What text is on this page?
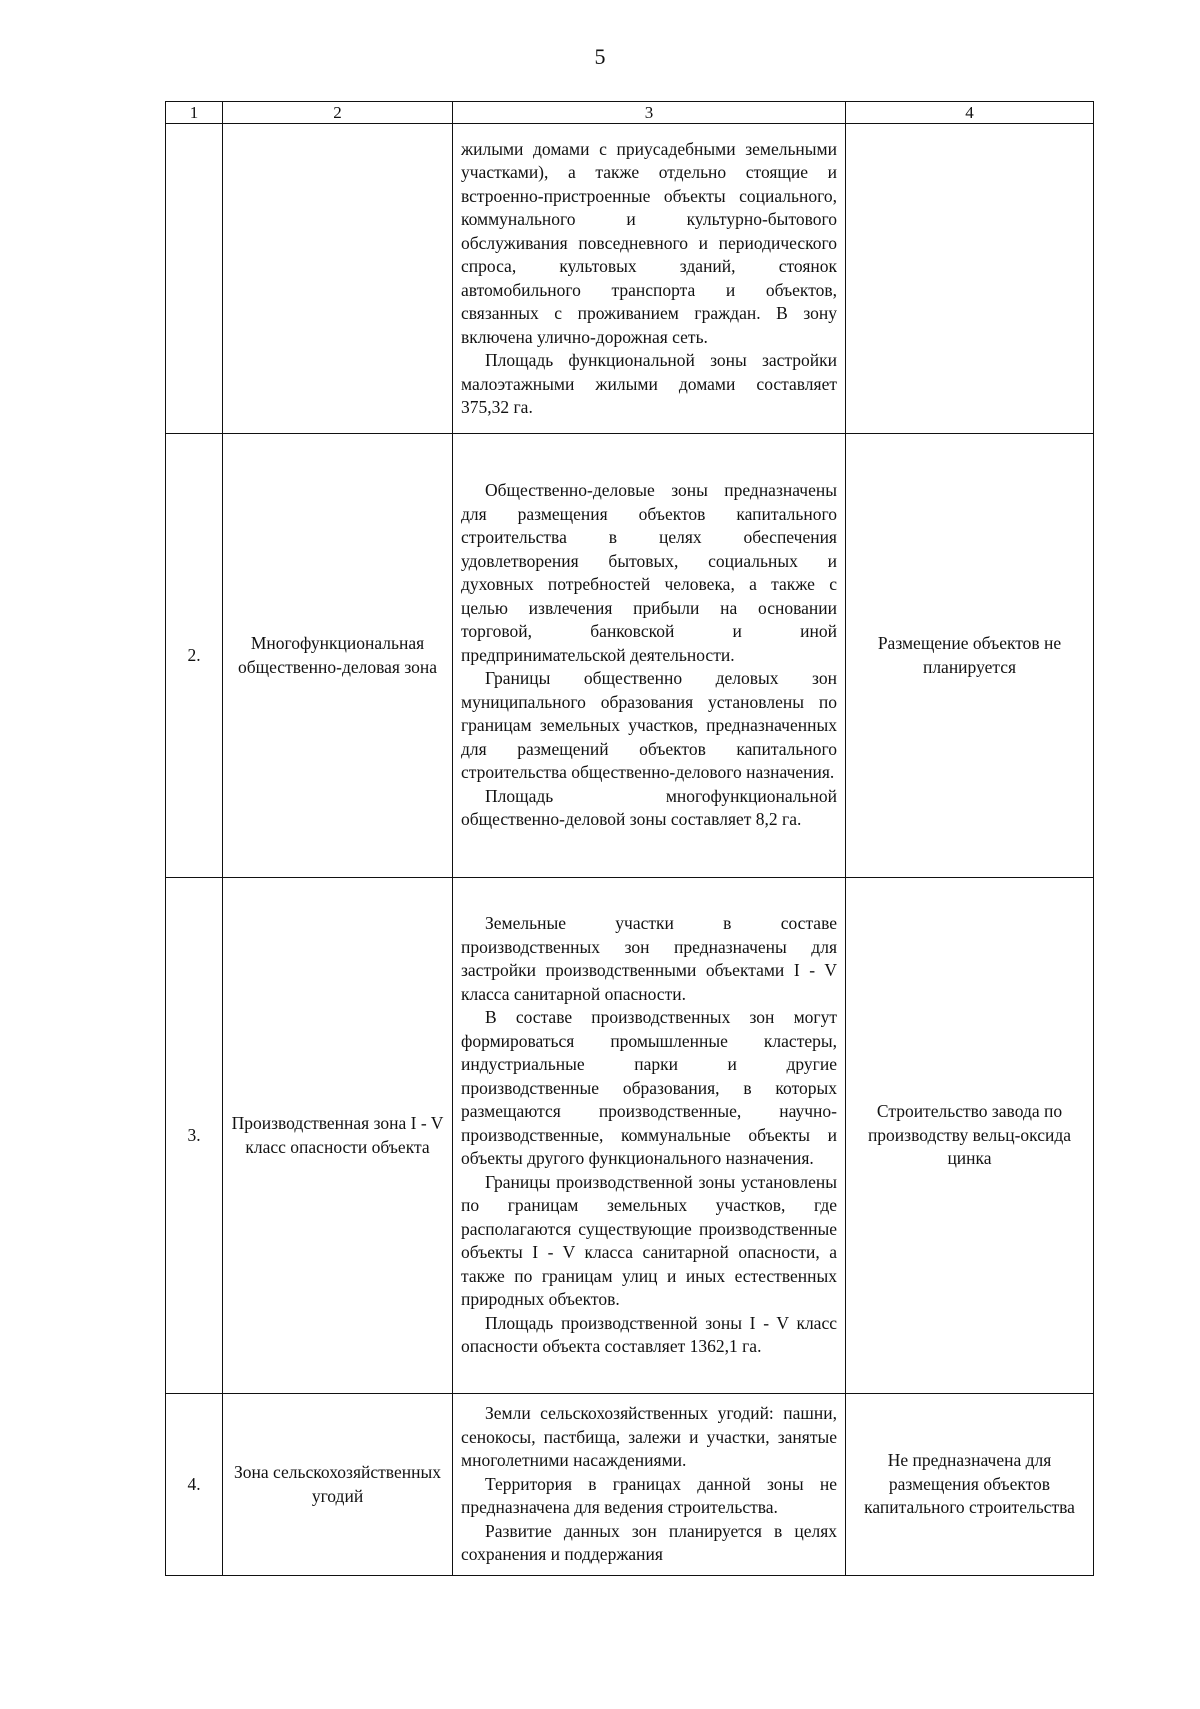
5
1	2	3	4

		жилыми домами с приусадебными земельными участками), а также отдельно стоящие и встроенно-пристроенные объекты социального, коммунального и культурно-бытового обслуживания повседневного и периодического спроса, культовых зданий, стоянок автомобильного транспорта и объектов, связанных с проживанием граждан. В зону включена улично-дорожная сеть.

Площадь функциональной зоны застройки малоэтажными жилыми домами составляет 375,32 га.	

2.	Многофункциональная общественно-деловая зона	Общественно-деловые зоны предназначены для размещения объектов капитального строительства в целях обеспечения удовлетворения бытовых, социальных и духовных потребностей человека, а также с целью извлечения прибыли на основании торговой, банковской и иной предпринимательской деятельности.

Границы общественно деловых зон муниципального образования установлены по границам земельных участков, предназначенных для размещений объектов капитального строительства общественно-делового назначения.

Площадь многофункциональной общественно-деловой зоны составляет 8,2 га.	Размещение объектов не планируется
3.	Производственная зона I - V класс опасности объекта	Земельные участки в составе производственных зон предназначены для застройки производственными объектами I - V класса санитарной опасности.

В составе производственных зон могут формироваться промышленные кластеры, индустриальные парки и другие производственные образования, в которых размещаются производственные, научно-производственные, коммунальные объекты и объекты другого функционального назначения.

Границы производственной зоны установлены по границам земельных участков, где располагаются существующие производственные объекты I - V класса санитарной опасности, а также по границам улиц и иных естественных природных объектов.

Площадь производственной зоны I - V класс опасности объекта составляет 1362,1 га.	Строительство завода по производству вельц-оксида цинка
4.	Зона сельскохозяйственных угодий	Земли сельскохозяйственных угодий: пашни, сенокосы, пастбища, залежи и участки, занятые многолетними насаждениями.

Территория в границах данной зоны не предназначена для ведения строительства.

Развитие данных зон планируется в целях сохранения и поддержания	Не предназначена для размещения объектов капитального строительства
